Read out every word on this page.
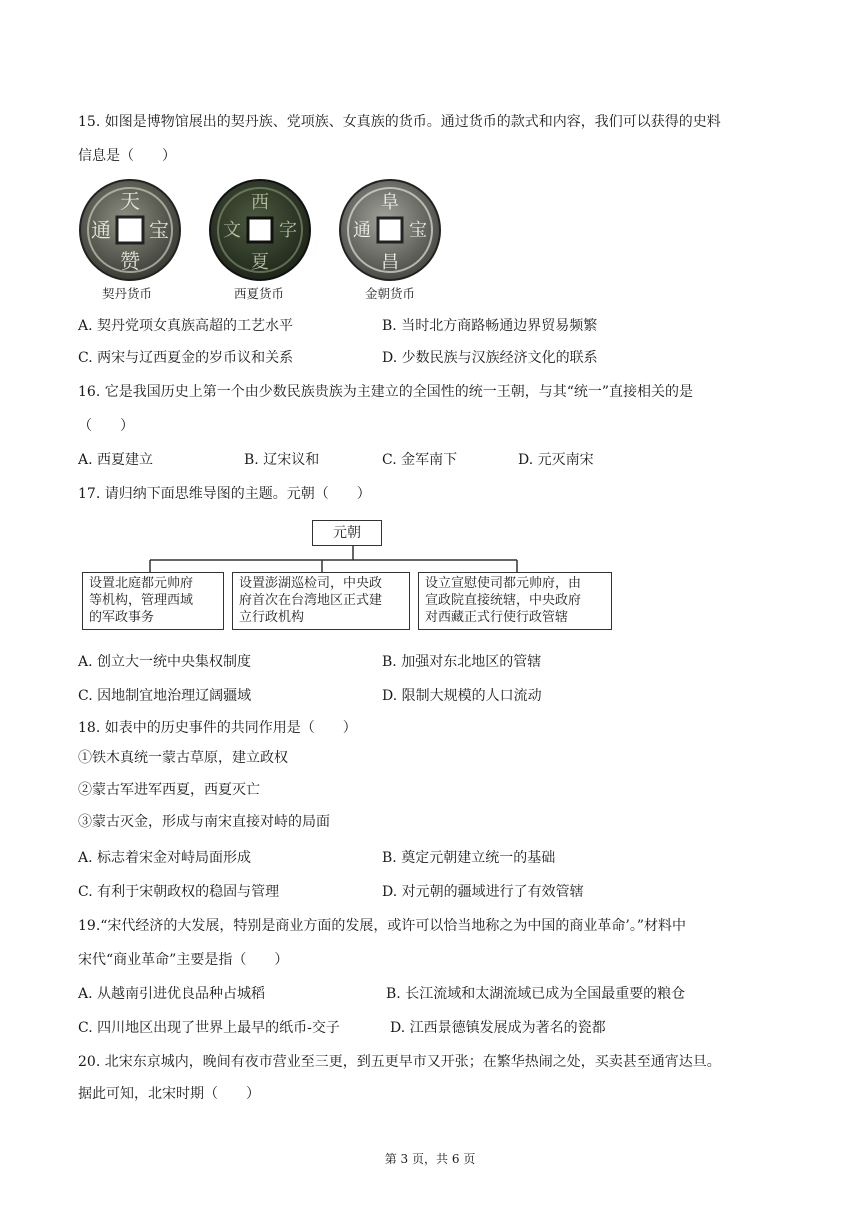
15. 如图是博物馆展出的契丹族、党项族、女真族的货币。通过货币的款式和内容，我们可以获得的史料
信息是（　　）
天
赞
通 宝
契丹货币
西
夏
文 字
西夏货币
阜
昌
通 宝
金朝货币
A. 契丹党项女真族高超的工艺水平	B. 当时北方商路畅通边界贸易频繁
C. 两宋与辽西夏金的岁币议和关系	D. 少数民族与汉族经济文化的联系
16. 它是我国历史上第一个由少数民族贵族为主建立的全国性的统一王朝，与其“统一”直接相关的是
（　　）
A. 西夏建立	B. 辽宋议和	C. 金军南下	D. 元灭南宋
17. 请归纳下面思维导图的主题。元朝（　　）
元朝
设置北庭都元帅府
等机构，管理西域
的军政事务
设置澎湖巡检司，中央政
府首次在台湾地区正式建
立行政机构
设立宣慰使司都元帅府，由
宣政院直接统辖，中央政府
对西藏正式行使行政管辖
A. 创立大一统中央集权制度	B. 加强对东北地区的管辖
C. 因地制宜地治理辽阔疆域	D. 限制大规模的人口流动
18. 如表中的历史事件的共同作用是（　　）
①铁木真统一蒙古草原，建立政权
②蒙古军进军西夏，西夏灭亡
③蒙古灭金，形成与南宋直接对峙的局面
A. 标志着宋金对峙局面形成	B. 奠定元朝建立统一的基础
C. 有利于宋朝政权的稳固与管理	D. 对元朝的疆域进行了有效管辖
19.“宋代经济的大发展，特别是商业方面的发展，或许可以恰当地称之为中国的商业革命’。”材料中
宋代“商业革命”主要是指（　　）
A. 从越南引进优良品种占城稻	B. 长江流域和太湖流域已成为全国最重要的粮仓
C. 四川地区出现了世界上最早的纸币-交子	D. 江西景德镇发展成为著名的瓷都
20. 北宋东京城内，晚间有夜市营业至三更，到五更早市又开张；在繁华热闹之处，买卖甚至通宵达旦。
据此可知，北宋时期（　　）
第 3 页，共 6 页
